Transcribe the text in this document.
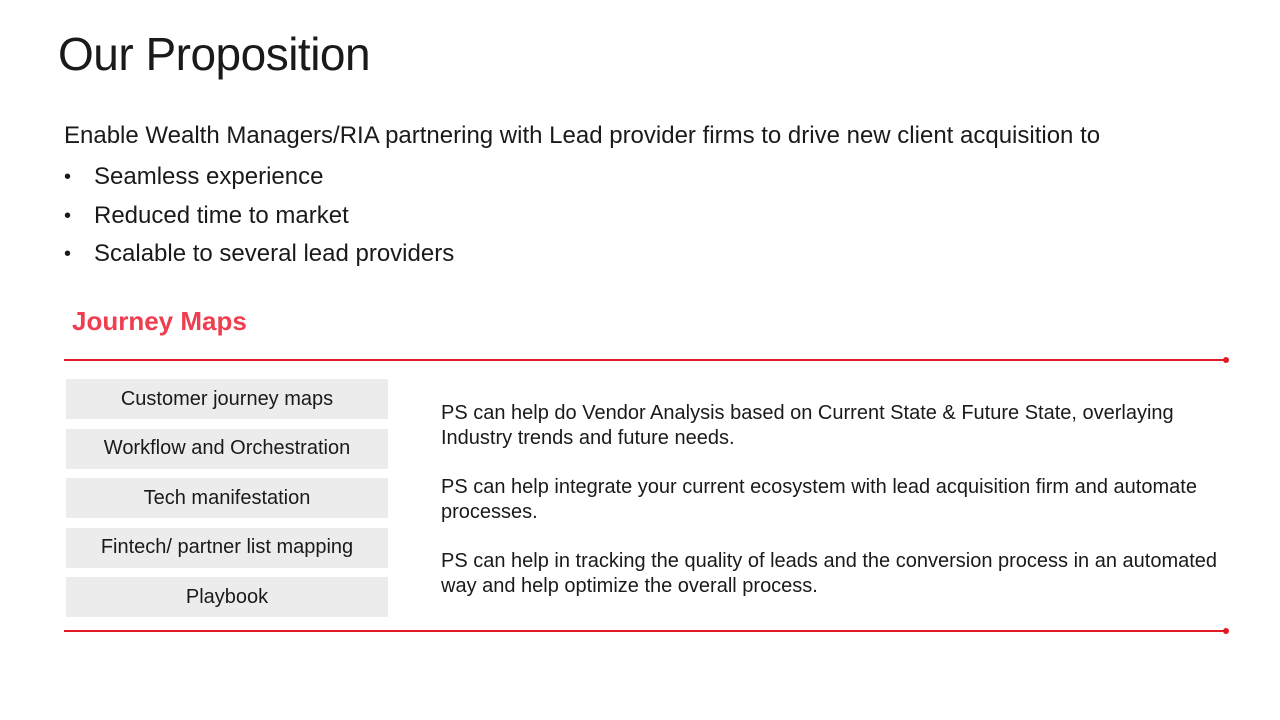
Our Proposition

Enable Wealth Managers/RIA partnering with Lead provider firms to drive new client acquisition to

• Seamless experience
• Reduced time to market
• Scalable to several lead providers
Journey Maps
Customer journey maps
Workflow and Orchestration
Tech manifestation
Fintech/ partner list mapping
Playbook

PS can help do Vendor Analysis based on Current State & Future State, overlaying Industry trends and future needs.

PS can help integrate your current ecosystem with lead acquisition firm and automate processes.

PS can help in tracking the quality of leads and the conversion process in an automated way and help optimize the overall process.
